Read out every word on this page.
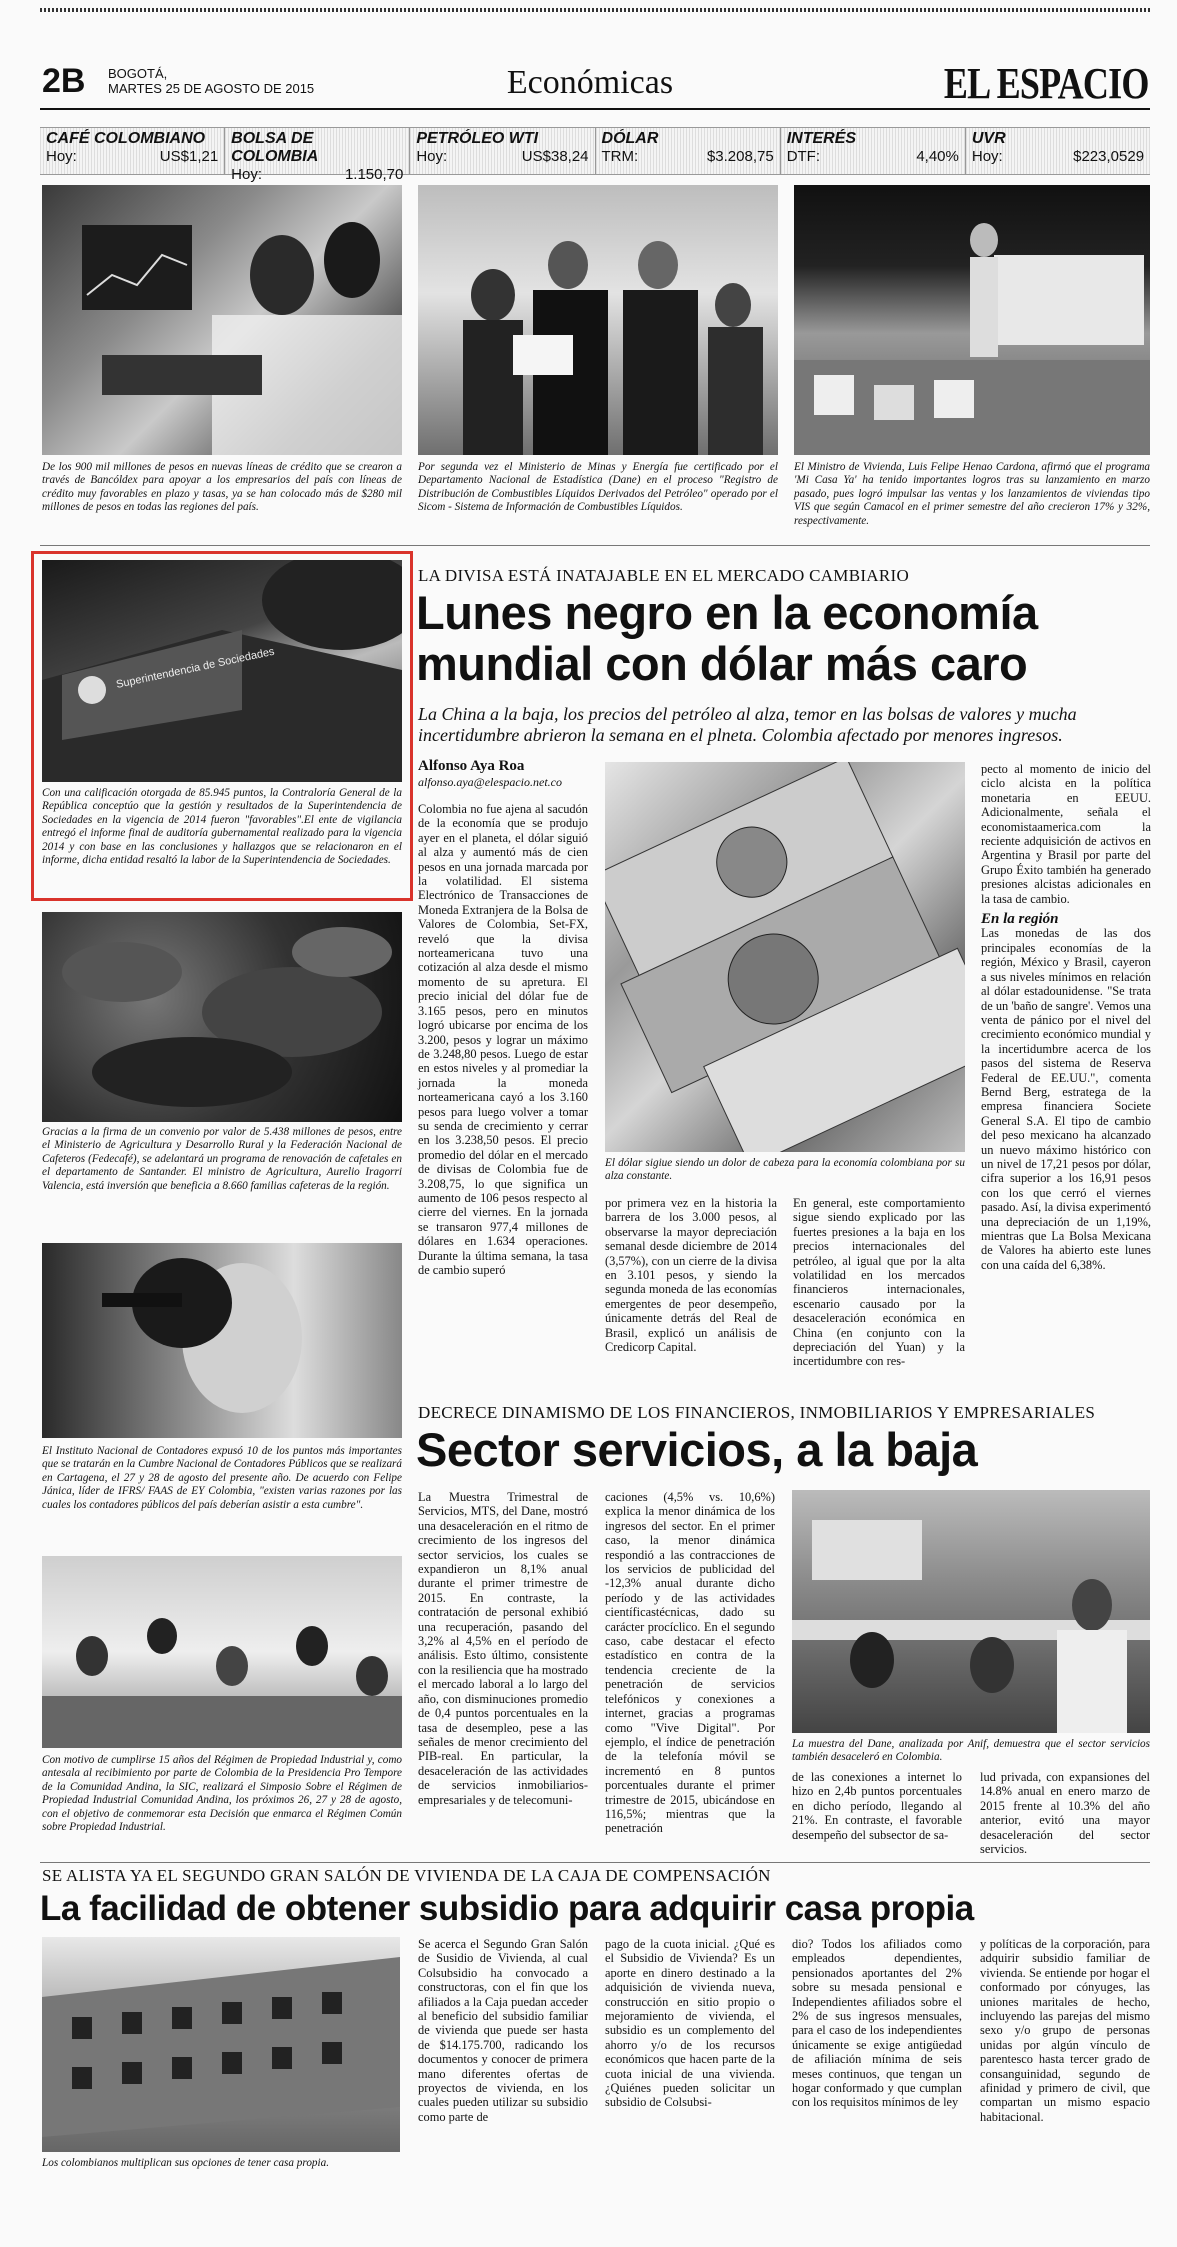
2B BOGOTÁ,
MARTES 25 DE AGOSTO DE 2015	Económicas	EL ESPACIO
CAFÉ COLOMBIANO
Hoy:	US$1,21
BOLSA DE COLOMBIA
Hoy:	1.150,70
PETRÓLEO WTI
Hoy:	US$38,24
DÓLAR
TRM:	$3.208,75
INTERÉS
DTF:	4,40%
UVR
Hoy:	$223,0529
De los 900 mil millones de pesos en nuevas líneas de crédito que se crearon a través de Bancóldex para apoyar a los empresarios del país con líneas de crédito muy favorables en plazo y tasas, ya se han colocado más de $280 mil millones de pesos en todas las regiones del país.
Por segunda vez el Ministerio de Minas y Energía fue certificado por el Departamento Nacional de Estadística (Dane) en el proceso "Registro de Distribución de Combustibles Líquidos Derivados del Petróleo" operado por el Sicom - Sistema de Información de Combustibles Líquidos.
El Ministro de Vivienda, Luis Felipe Henao Cardona, afirmó que el programa 'Mi Casa Ya' ha tenido importantes logros tras su lanzamiento en marzo pasado, pues logró impulsar las ventas y los lanzamientos de viviendas tipo VIS que según Camacol en el primer semestre del año crecieron 17% y 32%, respectivamente.
Superintendencia de Sociedades
Con una calificación otorgada de 85.945 puntos, la Contraloría General de la República conceptúo que la gestión y resultados de la Superintendencia de Sociedades en la vigencia de 2014 fueron "favorables".El ente de vigilancia entregó el informe final de auditoría gubernamental realizado para la vigencia 2014 y con base en las conclusiones y hallazgos que se relacionaron en el informe, dicha entidad resaltó la labor de la Superintendencia de Sociedades.
Gracias a la firma de un convenio por valor de 5.438 millones de pesos, entre el Ministerio de Agricultura y Desarrollo Rural y la Federación Nacional de Cafeteros (Fedecafé), se adelantará un programa de renovación de cafetales en el departamento de Santander. El ministro de Agricultura, Aurelio Iragorri Valencia, está inversión que beneficia a 8.660 familias cafeteras de la región.
El Instituto Nacional de Contadores expusó 10 de los puntos más importantes que se tratarán en la Cumbre Nacional de Contadores Públicos que se realizará en Cartagena, el 27 y 28 de agosto del presente año. De acuerdo con Felipe Jánica, líder de IFRS/ FAAS de EY Colombia, "existen varias razones por las cuales los contadores públicos del país deberían asistir a esta cumbre".
Con motivo de cumplirse 15 años del Régimen de Propiedad Industrial y, como antesala al recibimiento por parte de Colombia de la Presidencia Pro Tempore de la Comunidad Andina, la SIC, realizará el Simposio Sobre el Régimen de Propiedad Industrial Comunidad Andina, los próximos 26, 27 y 28 de agosto, con el objetivo de conmemorar esta Decisión que enmarca el Régimen Común sobre Propiedad Industrial.
LA DIVISA ESTÁ INATAJABLE EN EL MERCADO CAMBIARIO
Lunes negro en la economía mundial con dólar más caro
La China a la baja, los precios del petróleo al alza, temor en las bolsas de valores y mucha incertidumbre abrieron la semana en el plneta. Colombia afectado por menores ingresos.
Alfonso Aya Roa
alfonso.aya@elespacio.net.co
Colombia no fue ajena al sacudón de la economía que se produjo ayer en el planeta, el dólar siguió al alza y aumentó más de cien pesos en una jornada marcada por la volatilidad. El sistema Electrónico de Transacciones de Moneda Extranjera de la Bolsa de Valores de Colombia, Set-FX, reveló que la divisa norteamericana tuvo una cotización al alza desde el mismo momento de su apretura. El precio inicial del dólar fue de 3.165 pesos, pero en minutos logró ubicarse por encima de los 3.200, pesos y lograr un máximo de 3.248,80 pesos. Luego de estar en estos niveles y al promediar la jornada la moneda norteamericana cayó a los 3.160 pesos para luego volver a tomar su senda de crecimiento y cerrar en los 3.238,50 pesos. El precio promedio del dólar en el mercado de divisas de Colombia fue de 3.208,75, lo que significa un aumento de 106 pesos respecto al cierre del viernes. En la jornada se transaron 977,4 millones de dólares en 1.634 operaciones. Durante la última semana, la tasa de cambio superó
El dólar sigiue siendo un dolor de cabeza para la economía colombiana por su alza constante.
por primera vez en la historia la barrera de los 3.000 pesos, al observarse la mayor depreciación semanal desde diciembre de 2014 (3,57%), con un cierre de la divisa en 3.101 pesos, y siendo la segunda moneda de las economías emergentes de peor desempeño, únicamente detrás del Real de Brasil, explicó un análisis de Credicorp Capital.
En general, este comportamiento sigue siendo explicado por las fuertes presiones a la baja en los precios internacionales del petróleo, al igual que por la alta volatilidad en los mercados financieros internacionales, escenario causado por la desaceleración económica en China (en conjunto con la depreciación del Yuan) y la incertidumbre con res-

pecto al momento de inicio del ciclo alcista en la política monetaria en EEUU. Adicionalmente, señala el economistaamerica.com la reciente adquisición de activos en Argentina y Brasil por parte del Grupo Éxito también ha generado presiones alcistas adicionales en la tasa de cambio.

En la región

Las monedas de las dos principales economías de la región, México y Brasil, cayeron a sus niveles mínimos en relación al dólar estadounidense. "Se trata de un 'baño de sangre'. Vemos una venta de pánico por el nivel del crecimiento económico mundial y la incertidumbre acerca de los pasos del sistema de Reserva Federal de EE.UU.", comenta Bernd Berg, estratega de la empresa financiera Societe General S.A. El tipo de cambio del peso mexicano ha alcanzado un nuevo máximo histórico con un nivel de 17,21 pesos por dólar, cifra superior a los 16,91 pesos con los que cerró el viernes pasado. Así, la divisa experimentó una depreciación de un 1,19%, mientras que La Bolsa Mexicana de Valores ha abierto este lunes con una caída del 6,38%.

DECRECE DINAMISMO DE LOS FINANCIEROS, INMOBILIARIOS Y EMPRESARIALES
Sector servicios, a la baja
La Muestra Trimestral de Servicios, MTS, del Dane, mostró una desaceleración en el ritmo de crecimiento de los ingresos del sector servicios, los cuales se expandieron un 8,1% anual durante el primer trimestre de 2015. En contraste, la contratación de personal exhibió una recuperación, pasando del 3,2% al 4,5% en el período de análisis. Esto último, consistente con la resiliencia que ha mostrado el mercado laboral a lo largo del año, con disminuciones promedio de 0,4 puntos porcentuales en la tasa de desempleo, pese a las señales de menor crecimiento del PIB-real. En particular, la desaceleración de las actividades de servicios inmobiliarios-empresariales y de telecomuni-
caciones (4,5% vs. 10,6%) explica la menor dinámica de los ingresos del sector. En el primer caso, la menor dinámica respondió a las contracciones de los servicios de publicidad del -12,3% anual durante dicho período y de las actividades científicastécnicas, dado su carácter procíclico. En el segundo caso, cabe destacar el efecto estadístico en contra de la tendencia creciente de la penetración de servicios telefónicos y conexiones a internet, gracias a programas como "Vive Digital". Por ejemplo, el índice de penetración de la telefonía móvil se incrementó en 8 puntos porcentuales durante el primer trimestre de 2015, ubicándose en 116,5%; mientras que la penetración
La muestra del Dane, analizada por Anif, demuestra que el sector servicios también desaceleró en Colombia.
de las conexiones a internet lo hizo en 2,4b puntos porcentuales en dicho período, llegando al 21%. En contraste, el favorable desempeño del subsector de sa-
lud privada, con expansiones del 14.8% anual en enero marzo de 2015 frente al 10.3% del año anterior, evitó una mayor desaceleración del sector servicios.
SE ALISTA YA EL SEGUNDO GRAN SALÓN DE VIVIENDA DE LA CAJA DE COMPENSACIÓN
La facilidad de obtener subsidio para adquirir casa propia
Los colombianos multiplican sus opciones de tener casa propia.
Se acerca el Segundo Gran Salón de Susidio de Vivienda, al cual Colsubsidio ha convocado a constructoras, con el fin que los afiliados a la Caja puedan acceder al beneficio del subsidio familiar de vivienda que puede ser hasta de $14.175.700, radicando los documentos y conocer de primera mano diferentes ofertas de proyectos de vivienda, en los cuales pueden utilizar su subsidio como parte de
pago de la cuota inicial. ¿Qué es el Subsidio de Vivienda? Es un aporte en dinero destinado a la adquisición de vivienda nueva, construcción en sitio propio o mejoramiento de vivienda, el subsidio es un complemento del ahorro y/o de los recursos económicos que hacen parte de la cuota inicial de una vivienda. ¿Quiénes pueden solicitar un subsidio de Colsubsi-
dio? Todos los afiliados como empleados dependientes, pensionados aportantes del 2% sobre su mesada pensional e Independientes afiliados sobre el 2% de sus ingresos mensuales, para el caso de los independientes únicamente se exige antigüedad de afiliación mínima de seis meses continuos, que tengan un hogar conformado y que cumplan con los requisitos mínimos de ley
y políticas de la corporación, para adquirir subsidio familiar de vivienda. Se entiende por hogar el conformado por cónyuges, las uniones maritales de hecho, incluyendo las parejas del mismo sexo y/o grupo de personas unidas por algún vínculo de parentesco hasta tercer grado de consanguinidad, segundo de afinidad y primero de civil, que compartan un mismo espacio habitacional.
